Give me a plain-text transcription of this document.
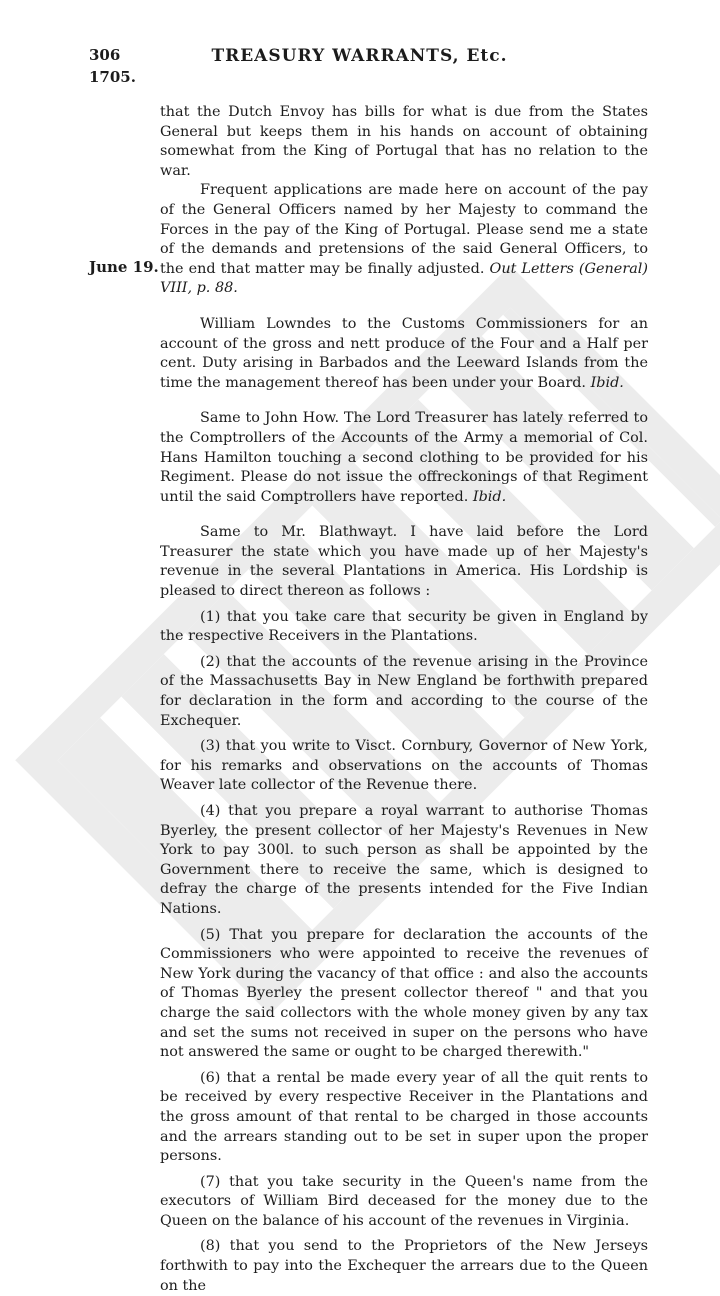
306	TREASURY WARRANTS, Etc.
1705.
June 19.

that the Dutch Envoy has bills for what is due from the States General but keeps them in his hands on account of obtaining somewhat from the King of Portugal that has no relation to the war.

Frequent applications are made here on account of the pay of the General Officers named by her Majesty to command the Forces in the pay of the King of Portugal. Please send me a state of the demands and pretensions of the said General Officers, to the end that matter may be finally adjusted. Out Letters (General) VIII, p. 88.

William Lowndes to the Customs Commissioners for an account of the gross and nett produce of the Four and a Half per cent. Duty arising in Barbados and the Leeward Islands from the time the management thereof has been under your Board. Ibid.

Same to John How. The Lord Treasurer has lately referred to the Comptrollers of the Accounts of the Army a memorial of Col. Hans Hamilton touching a second clothing to be provided for his Regiment. Please do not issue the offreckonings of that Regiment until the said Comptrollers have reported. Ibid.

Same to Mr. Blathwayt. I have laid before the Lord Treasurer the state which you have made up of her Majesty's revenue in the several Plantations in America. His Lordship is pleased to direct thereon as follows :

(1) that you take care that security be given in England by the respective Receivers in the Plantations.

(2) that the accounts of the revenue arising in the Province of the Massachusetts Bay in New England be forthwith prepared for declaration in the form and according to the course of the Exchequer.

(3) that you write to Visct. Cornbury, Governor of New York, for his remarks and observations on the accounts of Thomas Weaver late collector of the Revenue there.

(4) that you prepare a royal warrant to authorise Thomas Byerley, the present collector of her Majesty's Revenues in New York to pay 300l. to such person as shall be appointed by the Government there to receive the same, which is designed to defray the charge of the presents intended for the Five Indian Nations.

(5) That you prepare for declaration the accounts of the Commissioners who were appointed to receive the revenues of New York during the vacancy of that office : and also the accounts of Thomas Byerley the present collector thereof " and that you charge the said collectors with the whole money given by any tax and set the sums not received in super on the persons who have not answered the same or ought to be charged therewith."

(6) that a rental be made every year of all the quit rents to be received by every respective Receiver in the Plantations and the gross amount of that rental to be charged in those accounts and the arrears standing out to be set in super upon the proper persons.

(7) that you take security in the Queen's name from the executors of William Bird deceased for the money due to the Queen on the balance of his account of the revenues in Virginia.

(8) that you send to the Proprietors of the New Jerseys forthwith to pay into the Exchequer the arrears due to the Queen on the
